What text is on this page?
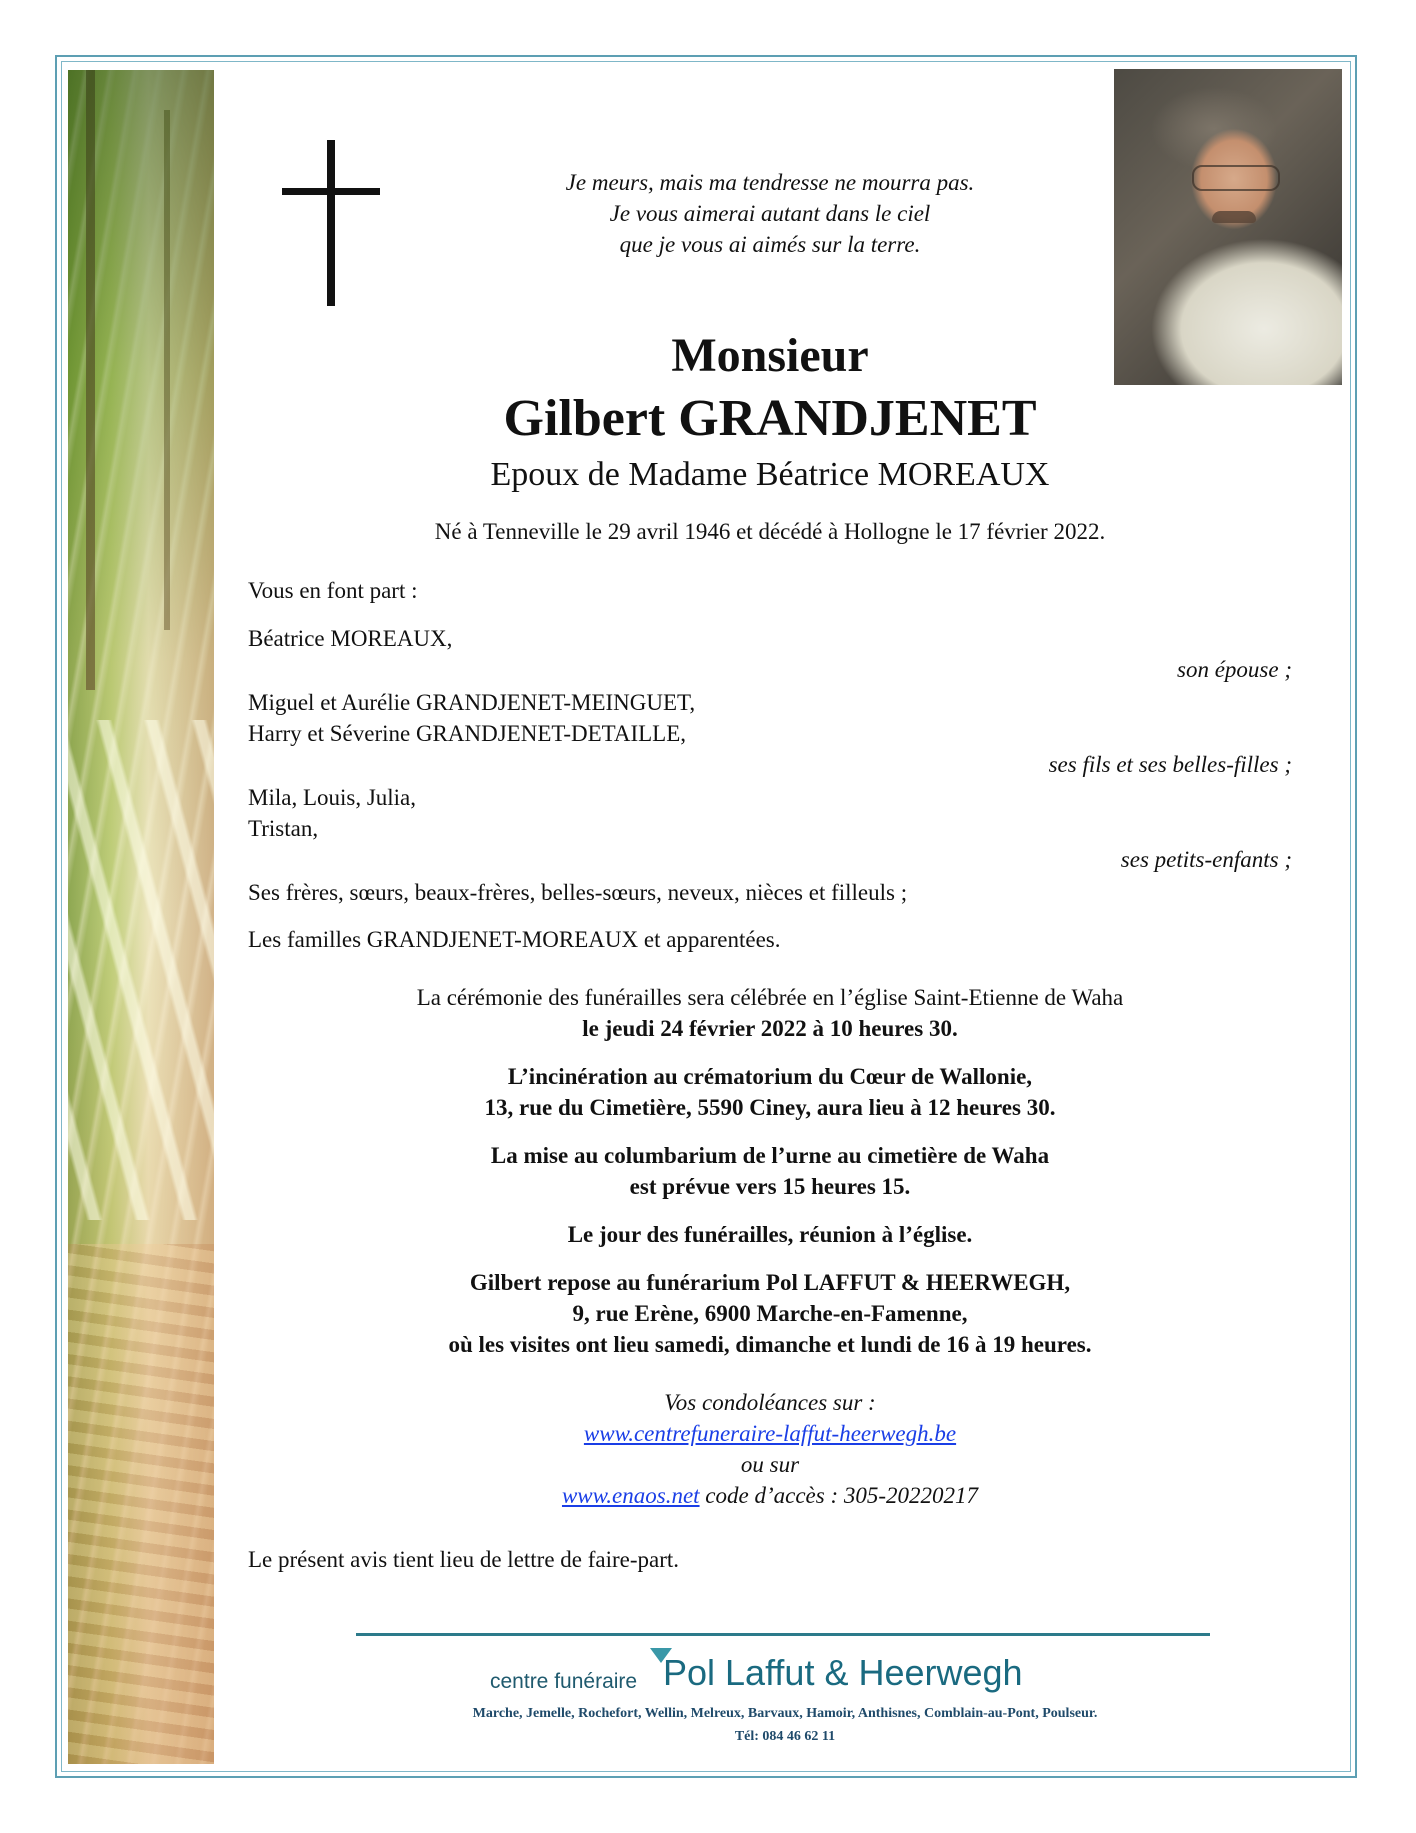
Je meurs, mais ma tendresse ne mourra pas.
Je vous aimerai autant dans le ciel
que je vous ai aimés sur la terre.
Monsieur
Gilbert GRANDJENET
Epoux de Madame Béatrice MOREAUX
Né à Tenneville le 29 avril 1946 et décédé à Hollogne le 17 février 2022.
Vous en font part :
Béatrice MOREAUX,
son épouse ;
Miguel et Aurélie GRANDJENET-MEINGUET,
Harry et Séverine GRANDJENET-DETAILLE,
ses fils et ses belles-filles ;
Mila, Louis, Julia,
Tristan,
ses petits-enfants ;
Ses frères, sœurs, beaux-frères, belles-sœurs, neveux, nièces et filleuls ;
Les familles GRANDJENET-MOREAUX et apparentées.
La cérémonie des funérailles sera célébrée en l’église Saint-Etienne de Waha
le jeudi 24 février 2022 à 10 heures 30.
L’incinération au crématorium du Cœur de Wallonie,
13, rue du Cimetière, 5590 Ciney, aura lieu à 12 heures 30.
La mise au columbarium de l’urne au cimetière de Waha
est prévue vers 15 heures 15.
Le jour des funérailles, réunion à l’église.
Gilbert repose au funérarium Pol LAFFUT & HEERWEGH,
9, rue Erène, 6900 Marche-en-Famenne,
où les visites ont lieu samedi, dimanche et lundi de 16 à 19 heures.
Vos condoléances sur :
www.centrefuneraire-laffut-heerwegh.be
ou sur
www.enaos.net code d’accès : 305-20220217
Le présent avis tient lieu de lettre de faire-part.
centre funéraire Pol Laffut & Heerwegh
Marche, Jemelle, Rochefort, Wellin, Melreux, Barvaux, Hamoir, Anthisnes, Comblain-au-Pont, Poulseur.
Tél: 084 46 62 11
